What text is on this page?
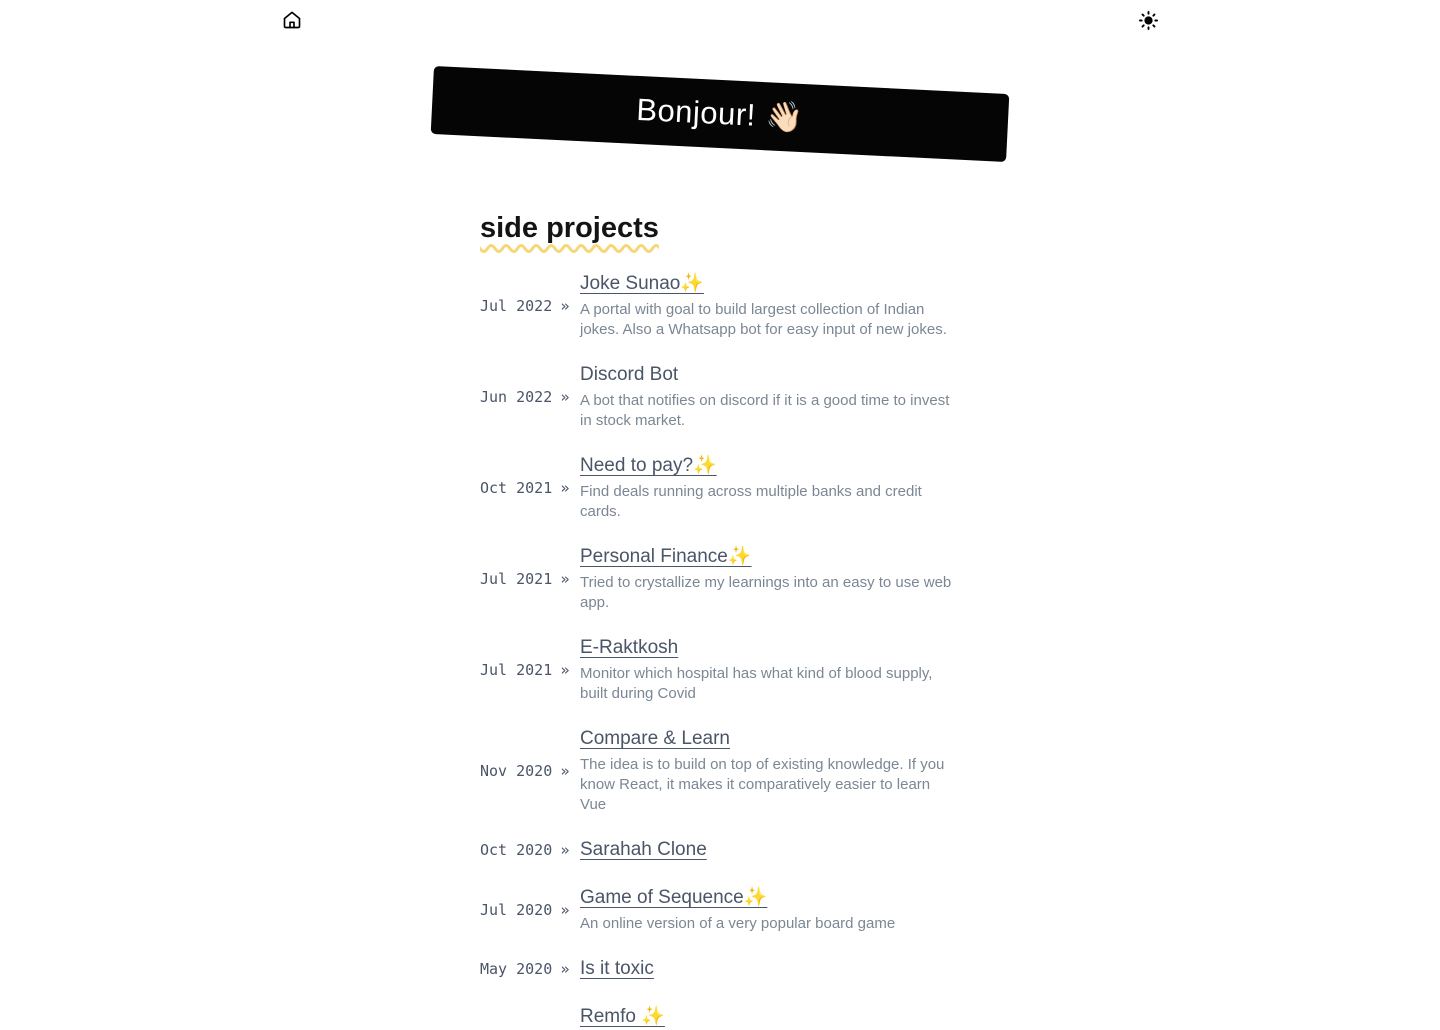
Bonjour! 👋🏻
side projects
Jul 2022 »
Joke Sunao✨

A portal with goal to build largest collection of Indian jokes. Also a Whatsapp bot for easy input of new jokes.

Jun 2022 »
Discord Bot

A bot that notifies on discord if it is a good time to invest in stock market.

Oct 2021 »
Need to pay?✨

Find deals running across multiple banks and credit cards.

Jul 2021 »
Personal Finance✨

Tried to crystallize my learnings into an easy to use web app.

Jul 2021 »
E-Raktkosh

Monitor which hospital has what kind of blood supply, built during Covid

Nov 2020 »
Compare & Learn

The idea is to build on top of existing knowledge. If you know React, it makes it comparatively easier to learn Vue

Oct 2020 » Sarahah Clone
Jul 2020 »
Game of Sequence✨

An online version of a very popular board game

May 2020 » Is it toxic
Remfo ✨
